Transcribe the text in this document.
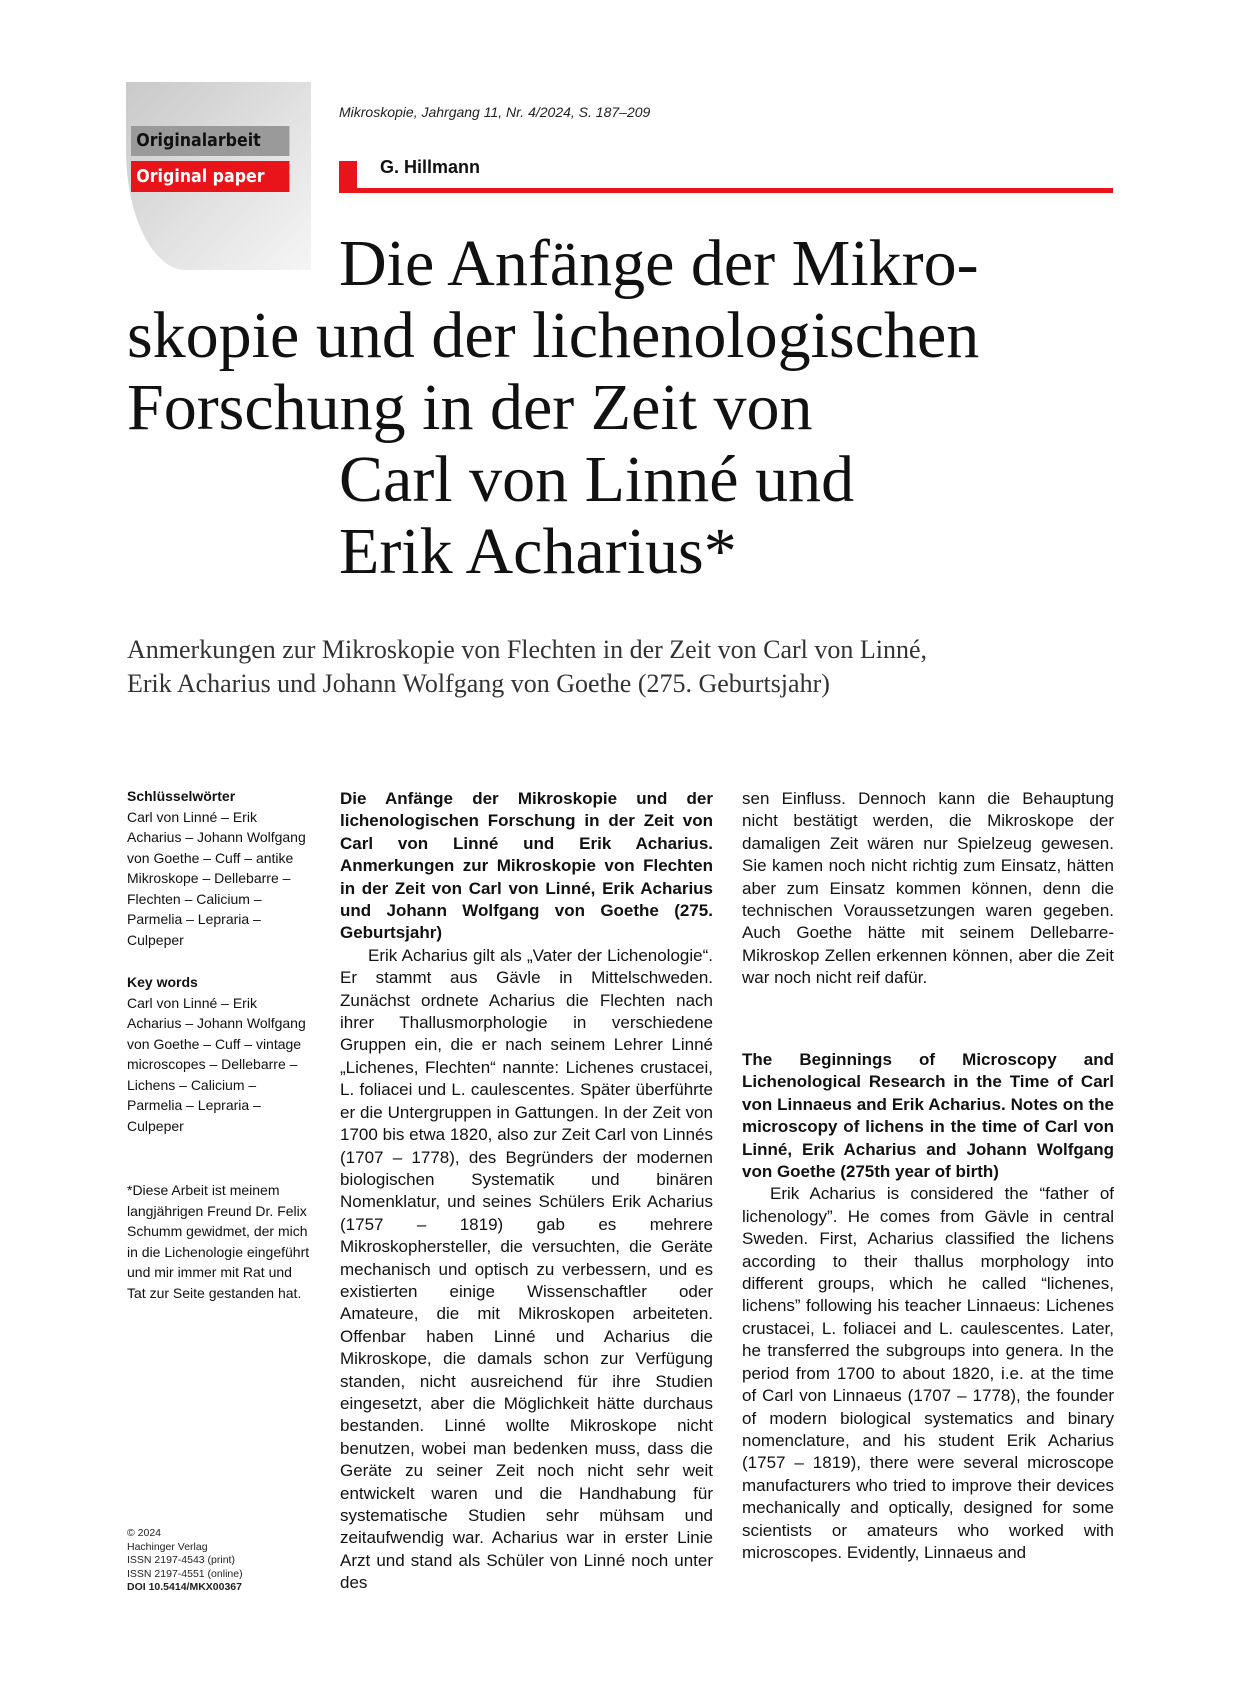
Originalarbeit
Original paper
Mikroskopie, Jahrgang 11, Nr. 4/2024, S. 187–209
G. Hillmann
Die Anfänge der Mikro-
skopie und der lichenologischen
Forschung in der Zeit von
Carl von Linné und
Erik Acharius*
Anmerkungen zur Mikroskopie von Flechten in der Zeit von Carl von Linné,
Erik Acharius und Johann Wolfgang von Goethe (275. Geburtsjahr)
Schlüsselwörter
Carl von Linné – Erik Acharius – Johann Wolfgang von Goethe – Cuff – antike Mikroskope – Dellebarre – Flechten – Calicium – Parmelia – Lepraria – Culpeper
Key words
Carl von Linné – Erik Acharius – Johann Wolfgang von Goethe – Cuff – vintage microscopes – Dellebarre – Lichens – Calicium – Parmelia – Lepraria – Culpeper
*Diese Arbeit ist meinem langjährigen Freund Dr. Felix Schumm gewidmet, der mich in die Lichenologie eingeführt und mir immer mit Rat und Tat zur Seite gestanden hat.
© 2024
Hachinger Verlag
ISSN 2197-4543 (print)
ISSN 2197-4551 (online)
DOI 10.5414/MKX00367

Die Anfänge der Mikroskopie und der lichenologischen Forschung in der Zeit von Carl von Linné und Erik Acharius. Anmerkungen zur Mikroskopie von Flechten in der Zeit von Carl von Linné, Erik Acharius und Johann Wolfgang von Goethe (275. Geburtsjahr)

Erik Acharius gilt als „Vater der Lichenologie“. Er stammt aus Gävle in Mittelschweden. Zunächst ordnete Acharius die Flechten nach ihrer Thallusmorphologie in verschiedene Gruppen ein, die er nach seinem Lehrer Linné „Lichenes, Flechten“ nannte: Lichenes crustacei, L. foliacei und L. caulescentes. Später überführte er die Untergruppen in Gattungen. In der Zeit von 1700 bis etwa 1820, also zur Zeit Carl von Linnés (1707 – 1778), des Begründers der modernen biologischen Systematik und binären Nomenklatur, und seines Schülers Erik Acharius (1757 – 1819) gab es mehrere Mikroskophersteller, die versuchten, die Geräte mechanisch und optisch zu verbessern, und es existierten einige Wissenschaftler oder Amateure, die mit Mikroskopen arbeiteten. Offenbar haben Linné und Acharius die Mikroskope, die damals schon zur Verfügung standen, nicht ausreichend für ihre Studien eingesetzt, aber die Möglichkeit hätte durchaus bestanden. Linné wollte Mikroskope nicht benutzen, wobei man bedenken muss, dass die Geräte zu seiner Zeit noch nicht sehr weit entwickelt waren und die Handhabung für systematische Studien sehr mühsam und zeitaufwendig war. Acharius war in erster Linie Arzt und stand als Schüler von Linné noch unter des

sen Einfluss. Dennoch kann die Behauptung nicht bestätigt werden, die Mikroskope der damaligen Zeit wären nur Spielzeug gewesen. Sie kamen noch nicht richtig zum Einsatz, hätten aber zum Einsatz kommen können, denn die technischen Voraussetzungen waren gegeben. Auch Goethe hätte mit seinem Dellebarre-Mikroskop Zellen erkennen können, aber die Zeit war noch nicht reif dafür.

The Beginnings of Microscopy and Lichenological Research in the Time of Carl von Linnaeus and Erik Acharius. Notes on the microscopy of lichens in the time of Carl von Linné, Erik Acharius and Johann Wolfgang von Goethe (275th year of birth)

Erik Acharius is considered the “father of lichenology”. He comes from Gävle in central Sweden. First, Acharius classified the lichens according to their thallus morphology into different groups, which he called “lichenes, lichens” following his teacher Linnaeus: Lichenes crustacei, L. foliacei and L. caulescentes. Later, he transferred the subgroups into genera. In the period from 1700 to about 1820, i.e. at the time of Carl von Linnaeus (1707 – 1778), the founder of modern biological systematics and binary nomenclature, and his student Erik Acharius (1757 – 1819), there were several microscope manufacturers who tried to improve their devices mechanically and optically, designed for some scientists or amateurs who worked with microscopes. Evidently, Linnaeus and
